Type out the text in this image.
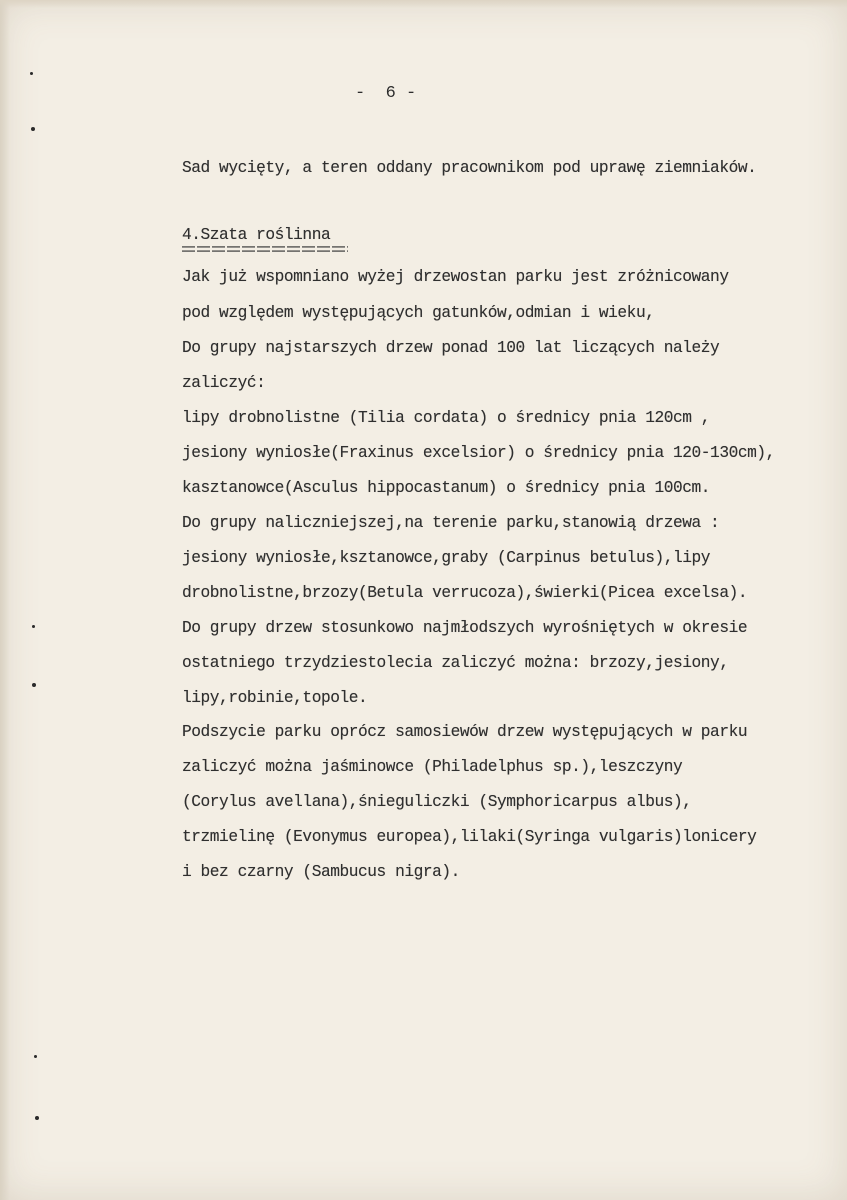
-  6 -
Sad wycięty, a teren oddany pracownikom pod uprawę ziemniaków.
4.Szata roślinna
Jak już wspomniano wyżej drzewostan parku jest zróżnicowany
pod względem występujących gatunków,odmian i wieku,
Do grupy najstarszych drzew ponad 100 lat liczących należy
zaliczyć:
lipy drobnolistne (Tilia cordata) o średnicy pnia 120cm ,
jesiony wyniosłe(Fraxinus excelsior) o średnicy pnia 120-130cm),
kasztanowce(Asculus hippocastanum) o średnicy pnia 100cm.
Do grupy naliczniejszej,na terenie parku,stanowią drzewa :
jesiony wyniosłe,ksztanowce,graby (Carpinus betulus),lipy
drobnolistne,brzozy(Betula verrucoza),świerki(Picea excelsa).
Do grupy drzew stosunkowo najmłodszych wyrośniętych w okresie
ostatniego trzydziestolecia zaliczyć można: brzozy,jesiony,
lipy,robinie,topole.
Podszycie parku oprócz samosiewów drzew występujących w parku
zaliczyć można jaśminowce (Philadelphus sp.),leszczyny
(Corylus avellana),śnieguliczki (Symphoricarpus albus),
trzmielinę (Evonymus europea),lilaki(Syringa vulgaris)lonicery
i bez czarny (Sambucus nigra).
